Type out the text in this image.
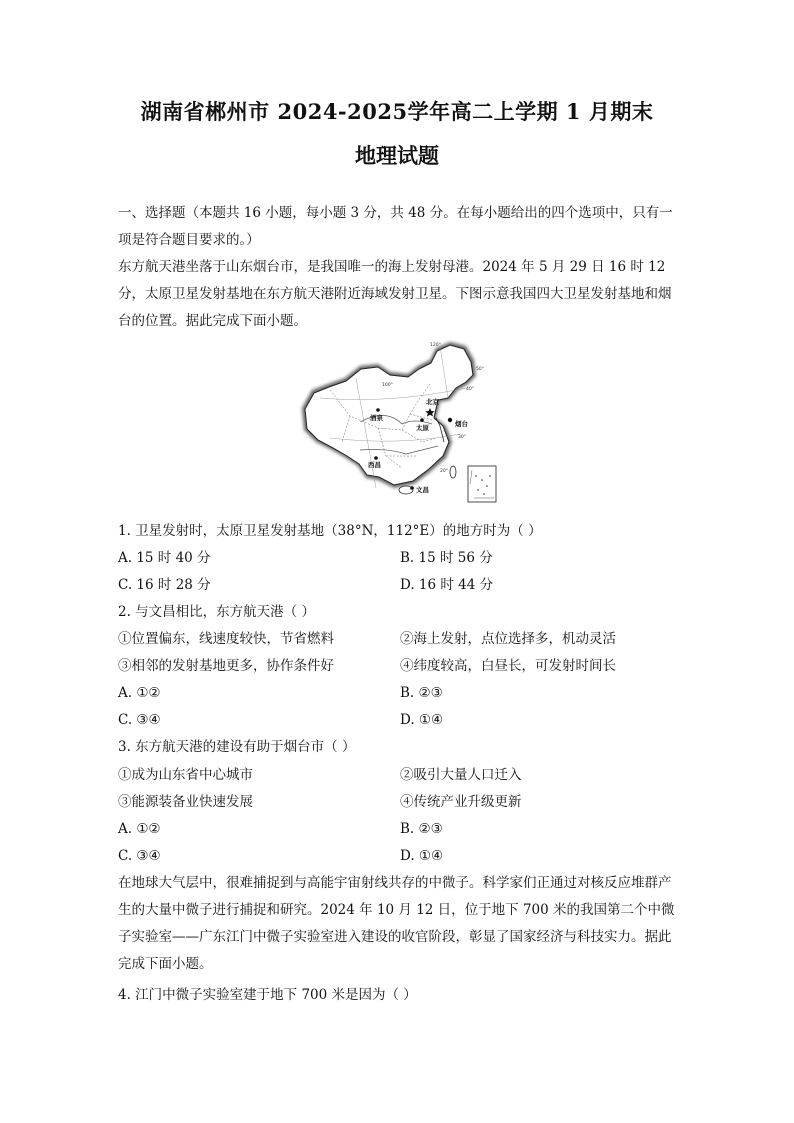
湖南省郴州市 2024-2025学年高二上学期 1 月期末
地理试题

一、选择题（本题共 16 小题，每小题 3 分，共 48 分。在每小题给出的四个选项中，只有一项是符合题目要求的。）

东方航天港坐落于山东烟台市，是我国唯一的海上发射母港。2024 年 5 月 29 日 16 时 12 分，太原卫星发射基地在东方航天港附近海域发射卫星。下图示意我国四大卫星发射基地和烟台的位置。据此完成下面小题。

北京
烟台
酒泉
太原
西昌
文昌
100°
120°
50°
40°
30°
20°
1. 卫星发射时，太原卫星发射基地（38°N，112°E）的地方时为（ ）
A. 15 时 40 分	B. 15 时 56 分
C. 16 时 28 分	D. 16 时 44 分
2. 与文昌相比，东方航天港（ ）
①位置偏东，线速度较快，节省燃料	②海上发射，点位选择多，机动灵活
③相邻的发射基地更多，协作条件好	④纬度较高，白昼长，可发射时间长
A. ①②	B. ②③
C. ③④	D. ①④
3. 东方航天港的建设有助于烟台市（ ）
①成为山东省中心城市	②吸引大量人口迁入
③能源装备业快速发展	④传统产业升级更新
A. ①②	B. ②③
C. ③④	D. ①④

在地球大气层中，很难捕捉到与高能宇宙射线共存的中微子。科学家们正通过对核反应堆群产生的大量中微子进行捕捉和研究。2024 年 10 月 12 日，位于地下 700 米的我国第二个中微子实验室——广东江门中微子实验室进入建设的收官阶段，彰显了国家经济与科技实力。据此完成下面小题。

4. 江门中微子实验室建于地下 700 米是因为（ ）
